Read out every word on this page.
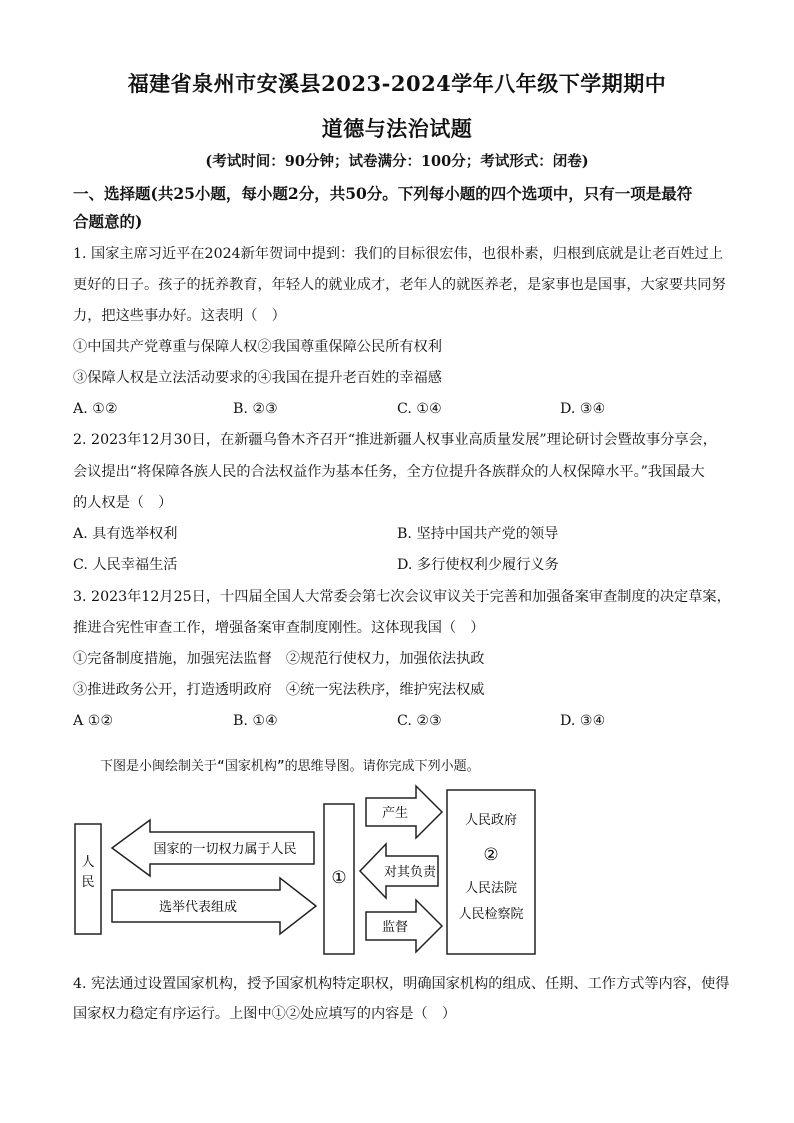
福建省泉州市安溪县2023-2024学年八年级下学期期中
道德与法治试题
(考试时间：90分钟；试卷满分：100分；考试形式：闭卷)
一、选择题(共25小题，每小题2分，共50分。下列每小题的四个选项中，只有一项是最符
合题意的)
1. 国家主席习近平在2024新年贺词中提到：我们的目标很宏伟，也很朴素，归根到底就是让老百姓过上
更好的日子。孩子的抚养教育，年轻人的就业成才，老年人的就医养老，是家事也是国事，大家要共同努
力，把这些事办好。这表明（　）
①中国共产党尊重与保障人权②我国尊重保障公民所有权利
③保障人权是立法活动要求的④我国在提升老百姓的幸福感
A. ①②	B. ②③	C. ①④	D. ③④
2. 2023年12月30日，在新疆乌鲁木齐召开“推进新疆人权事业高质量发展”理论研讨会暨故事分享会，
会议提出“将保障各族人民的合法权益作为基本任务，全方位提升各族群众的人权保障水平。”我国最大
的人权是（　）
A. 具有选举权利	B. 坚持中国共产党的领导
C. 人民幸福生活	D. 多行使权利少履行义务
3. 2023年12月25日，十四届全国人大常委会第七次会议审议关于完善和加强备案审查制度的决定草案，
推进合宪性审查工作，增强备案审查制度刚性。这体现我国（　）
①完备制度措施，加强宪法监督　②规范行使权力，加强依法执政
③推进政务公开，打造透明政府　④统一宪法秩序，维护宪法权威
A ①②	B. ①④	C. ②③	D. ③④
下图是小闽绘制关于“国家机构”的思维导图。请你完成下列小题。
人民
国家的一切权力属于人民
选举代表组成
①
产生
对其负责
监督
人民政府
②
人民法院
人民检察院
4. 宪法通过设置国家机构，授予国家机构特定职权，明确国家机构的组成、任期、工作方式等内容，使得
国家权力稳定有序运行。上图中①②处应填写的内容是（　）
